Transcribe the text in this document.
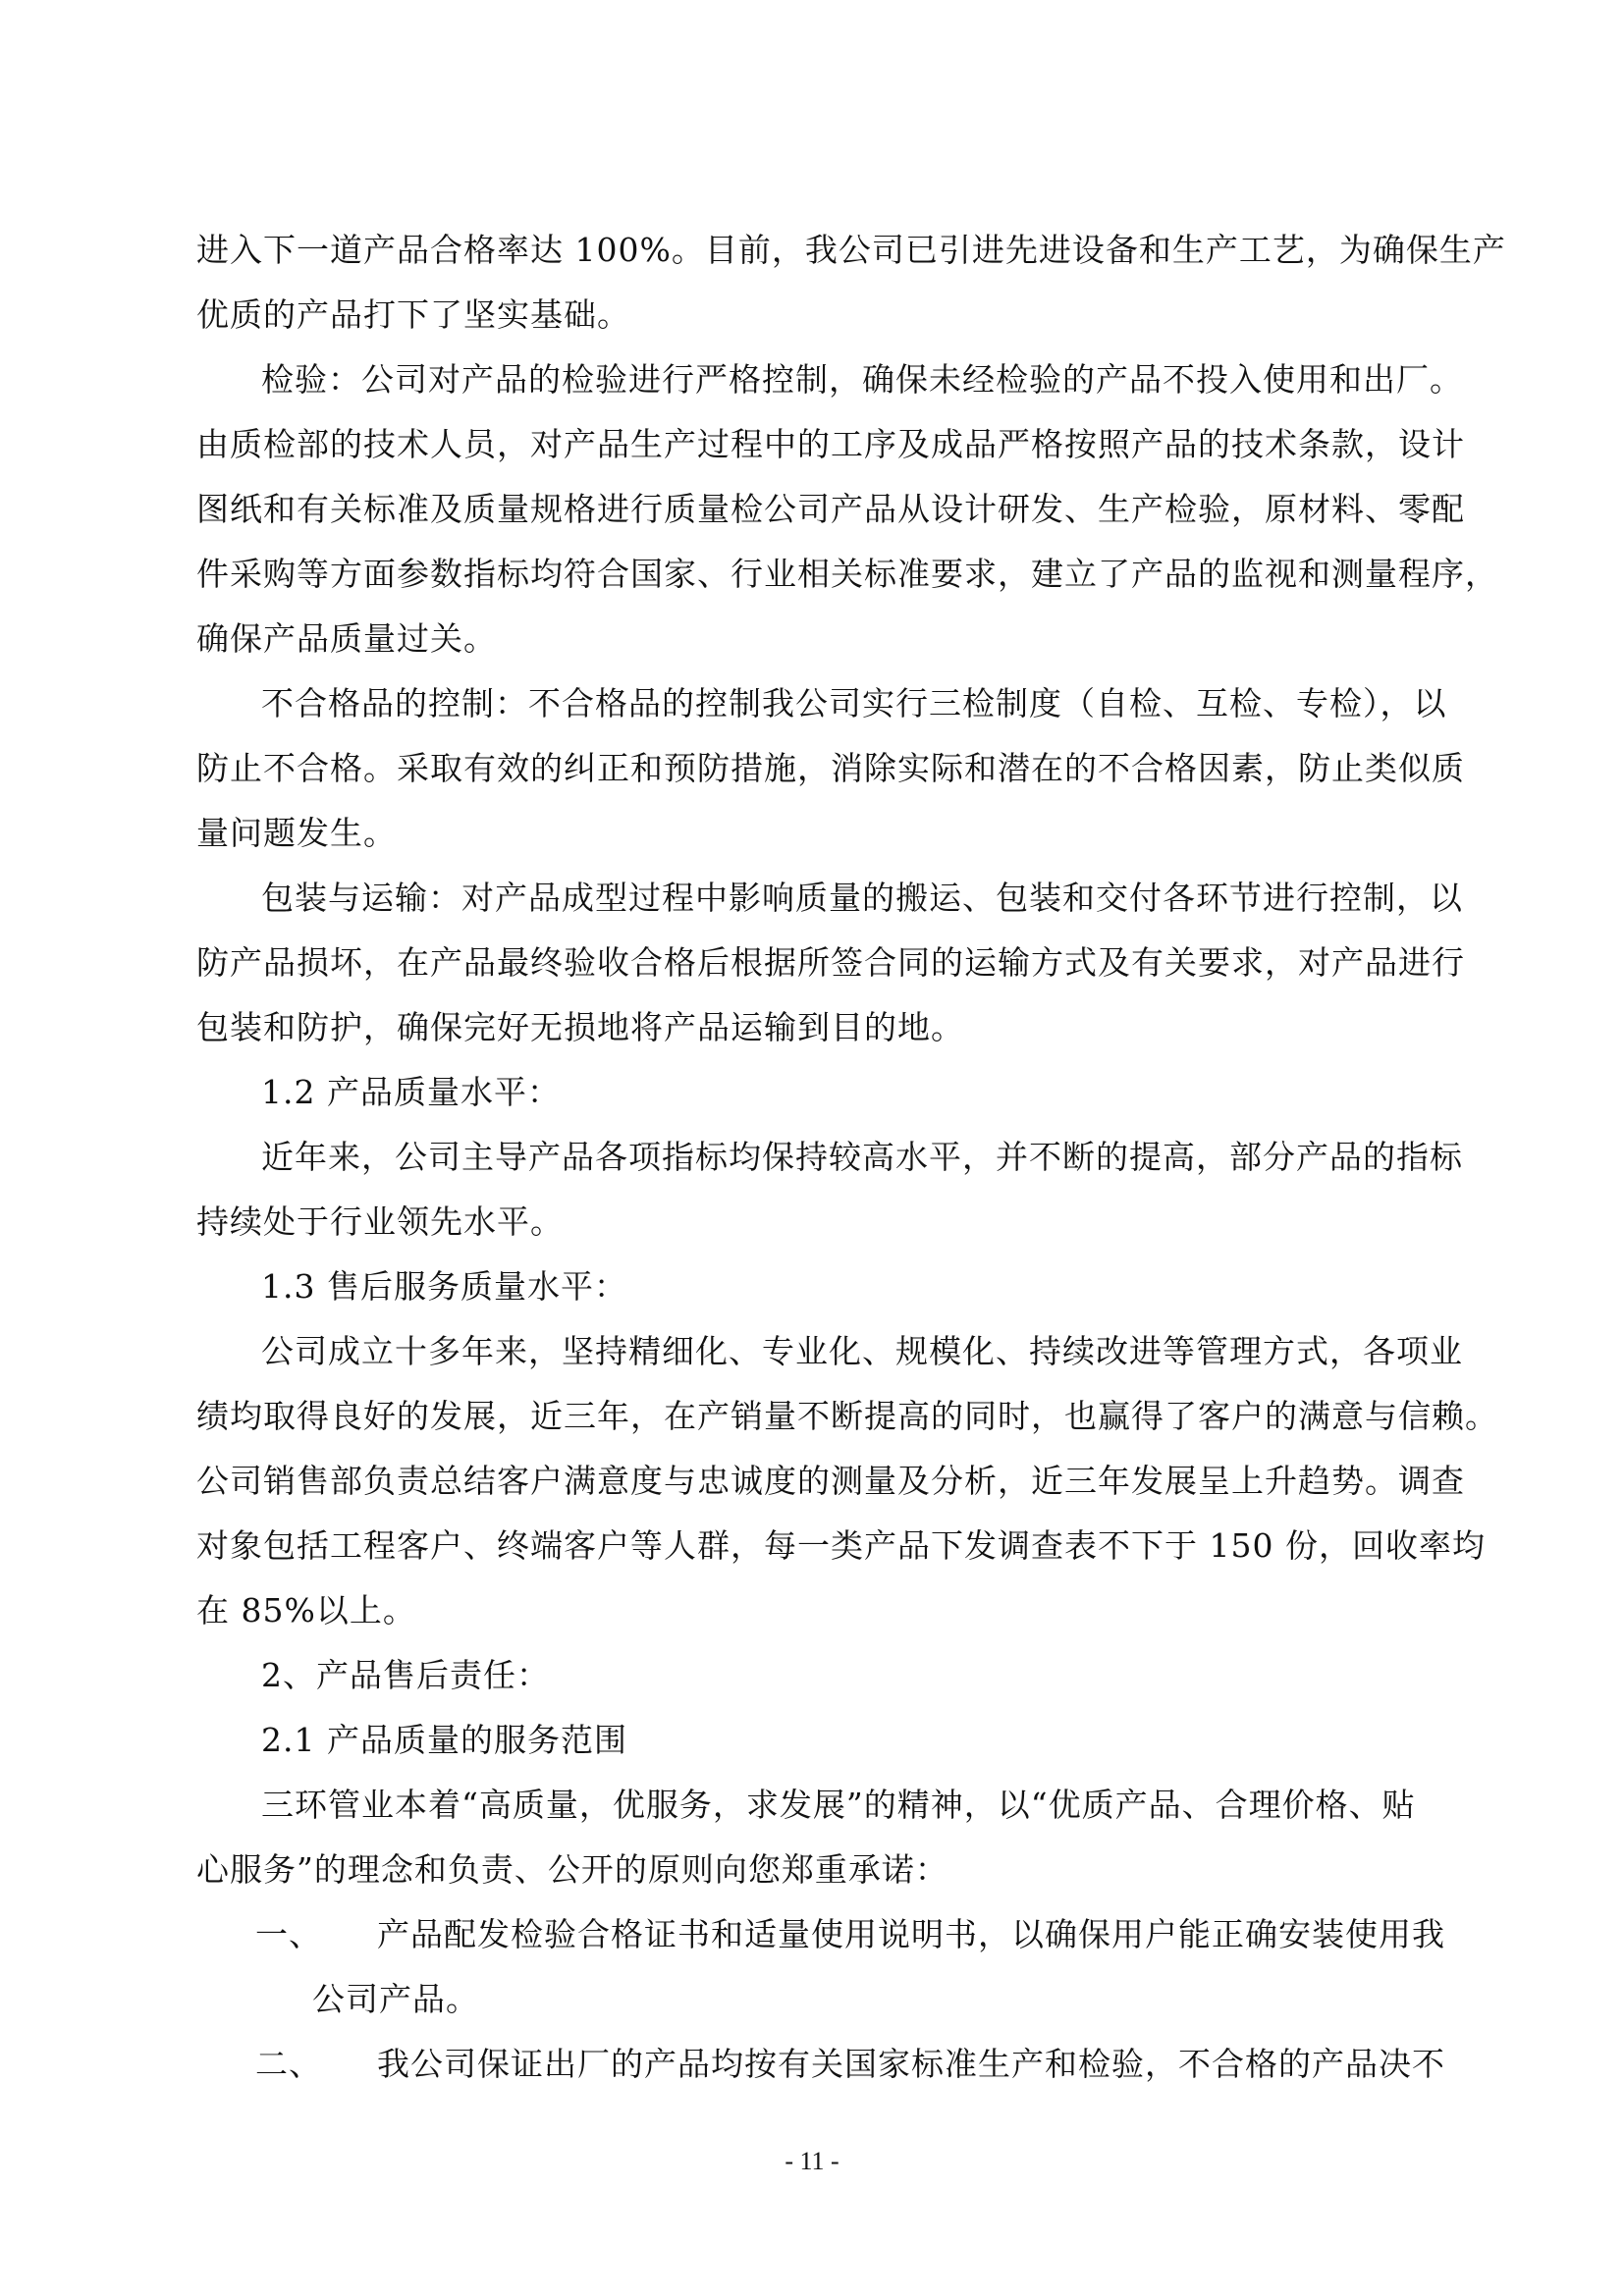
进入下一道产品合格率达 100%。目前，我公司已引进先进设备和生产工艺，为确保生产
优质的产品打下了坚实基础。
检验：公司对产品的检验进行严格控制，确保未经检验的产品不投入使用和出厂。
由质检部的技术人员，对产品生产过程中的工序及成品严格按照产品的技术条款，设计
图纸和有关标准及质量规格进行质量检公司产品从设计研发、生产检验，原材料、零配
件采购等方面参数指标均符合国家、行业相关标准要求，建立了产品的监视和测量程序，
确保产品质量过关。
不合格品的控制：不合格品的控制我公司实行三检制度（自检、互检、专检），以
防止不合格。采取有效的纠正和预防措施，消除实际和潜在的不合格因素，防止类似质
量问题发生。
包装与运输：对产品成型过程中影响质量的搬运、包装和交付各环节进行控制，以
防产品损坏，在产品最终验收合格后根据所签合同的运输方式及有关要求，对产品进行
包装和防护，确保完好无损地将产品运输到目的地。
1.2 产品质量水平：
近年来，公司主导产品各项指标均保持较高水平，并不断的提高，部分产品的指标
持续处于行业领先水平。
1.3 售后服务质量水平：
公司成立十多年来，坚持精细化、专业化、规模化、持续改进等管理方式，各项业
绩均取得良好的发展，近三年，在产销量不断提高的同时，也赢得了客户的满意与信赖。
公司销售部负责总结客户满意度与忠诚度的测量及分析，近三年发展呈上升趋势。调查
对象包括工程客户、终端客户等人群，每一类产品下发调查表不下于 150 份，回收率均
在 85%以上。
2、产品售后责任：
2.1 产品质量的服务范围
三环管业本着“高质量，优服务，求发展”的精神，以“优质产品、合理价格、贴
心服务”的理念和负责、公开的原则向您郑重承诺：
一、 产品配发检验合格证书和适量使用说明书，以确保用户能正确安装使用我
公司产品。
二、 我公司保证出厂的产品均按有关国家标准生产和检验，不合格的产品决不
- 11 -
